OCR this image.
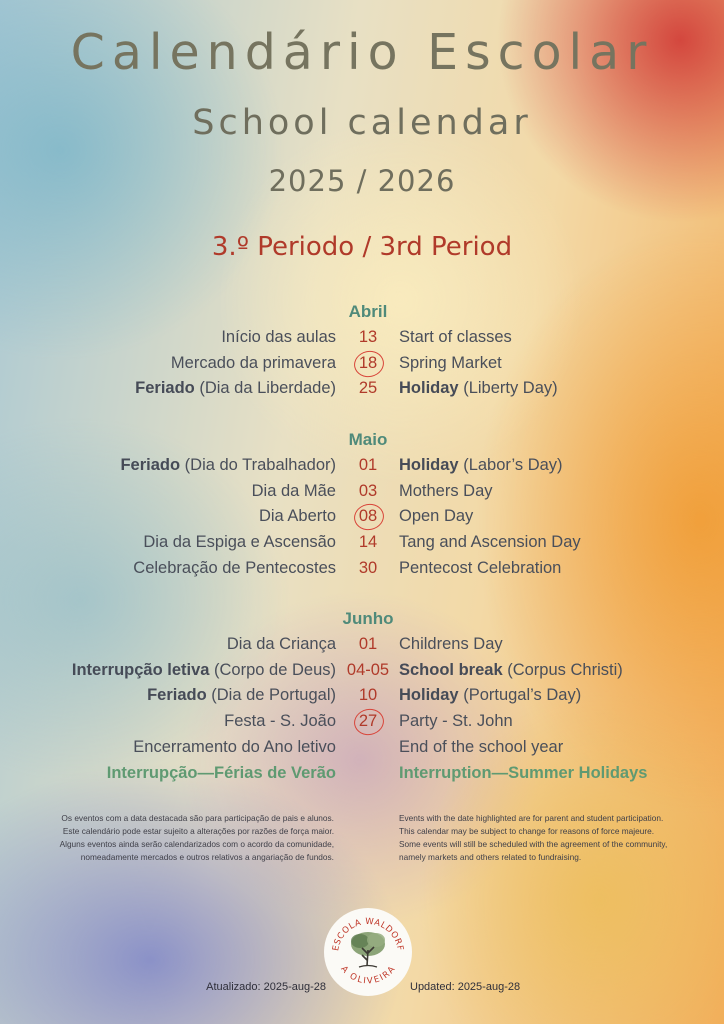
Calendário Escolar
School calendar
2025 / 2026
3.º Periodo / 3rd Period
Abril
Início das aulas	13	Start of classes
Mercado da primavera	18	Spring Market
Feriado (Dia da Liberdade)	25	Holiday (Liberty Day)
Maio
Feriado (Dia do Trabalhador)	01	Holiday (Labor’s Day)
Dia da Mãe	03	Mothers Day
Dia Aberto	08	Open Day
Dia da Espiga e Ascensão	14	Tang and Ascension Day
Celebração de Pentecostes	30	Pentecost Celebration
Junho
Dia da Criança	01	Childrens Day
Interrupção letiva (Corpo de Deus) 04-05 School break (Corpus Christi)
Feriado (Dia de Portugal)	10	Holiday (Portugal’s Day)
Festa - S. João	27	Party - St. John
Encerramento do Ano letivo	End of the school year
Interrupção—Férias de Verão	Interruption—Summer Holidays
Os eventos com a data destacada são para participação de pais e alunos.
Este calendário pode estar sujeito a alterações por razões de força maior.
Alguns eventos ainda serão calendarizados com o acordo da comunidade,
nomeadamente mercados e outros relativos a angariação de fundos.
Events with the date highlighted are for parent and student participation.
This calendar may be subject to change for reasons of force majeure.
Some events will still be scheduled with the agreement of the community,
namely markets and others related to fundraising.
ESCOLA WALDORF
A OLIVEIRA
Atualizado: 2025-aug-28	Updated: 2025-aug-28
